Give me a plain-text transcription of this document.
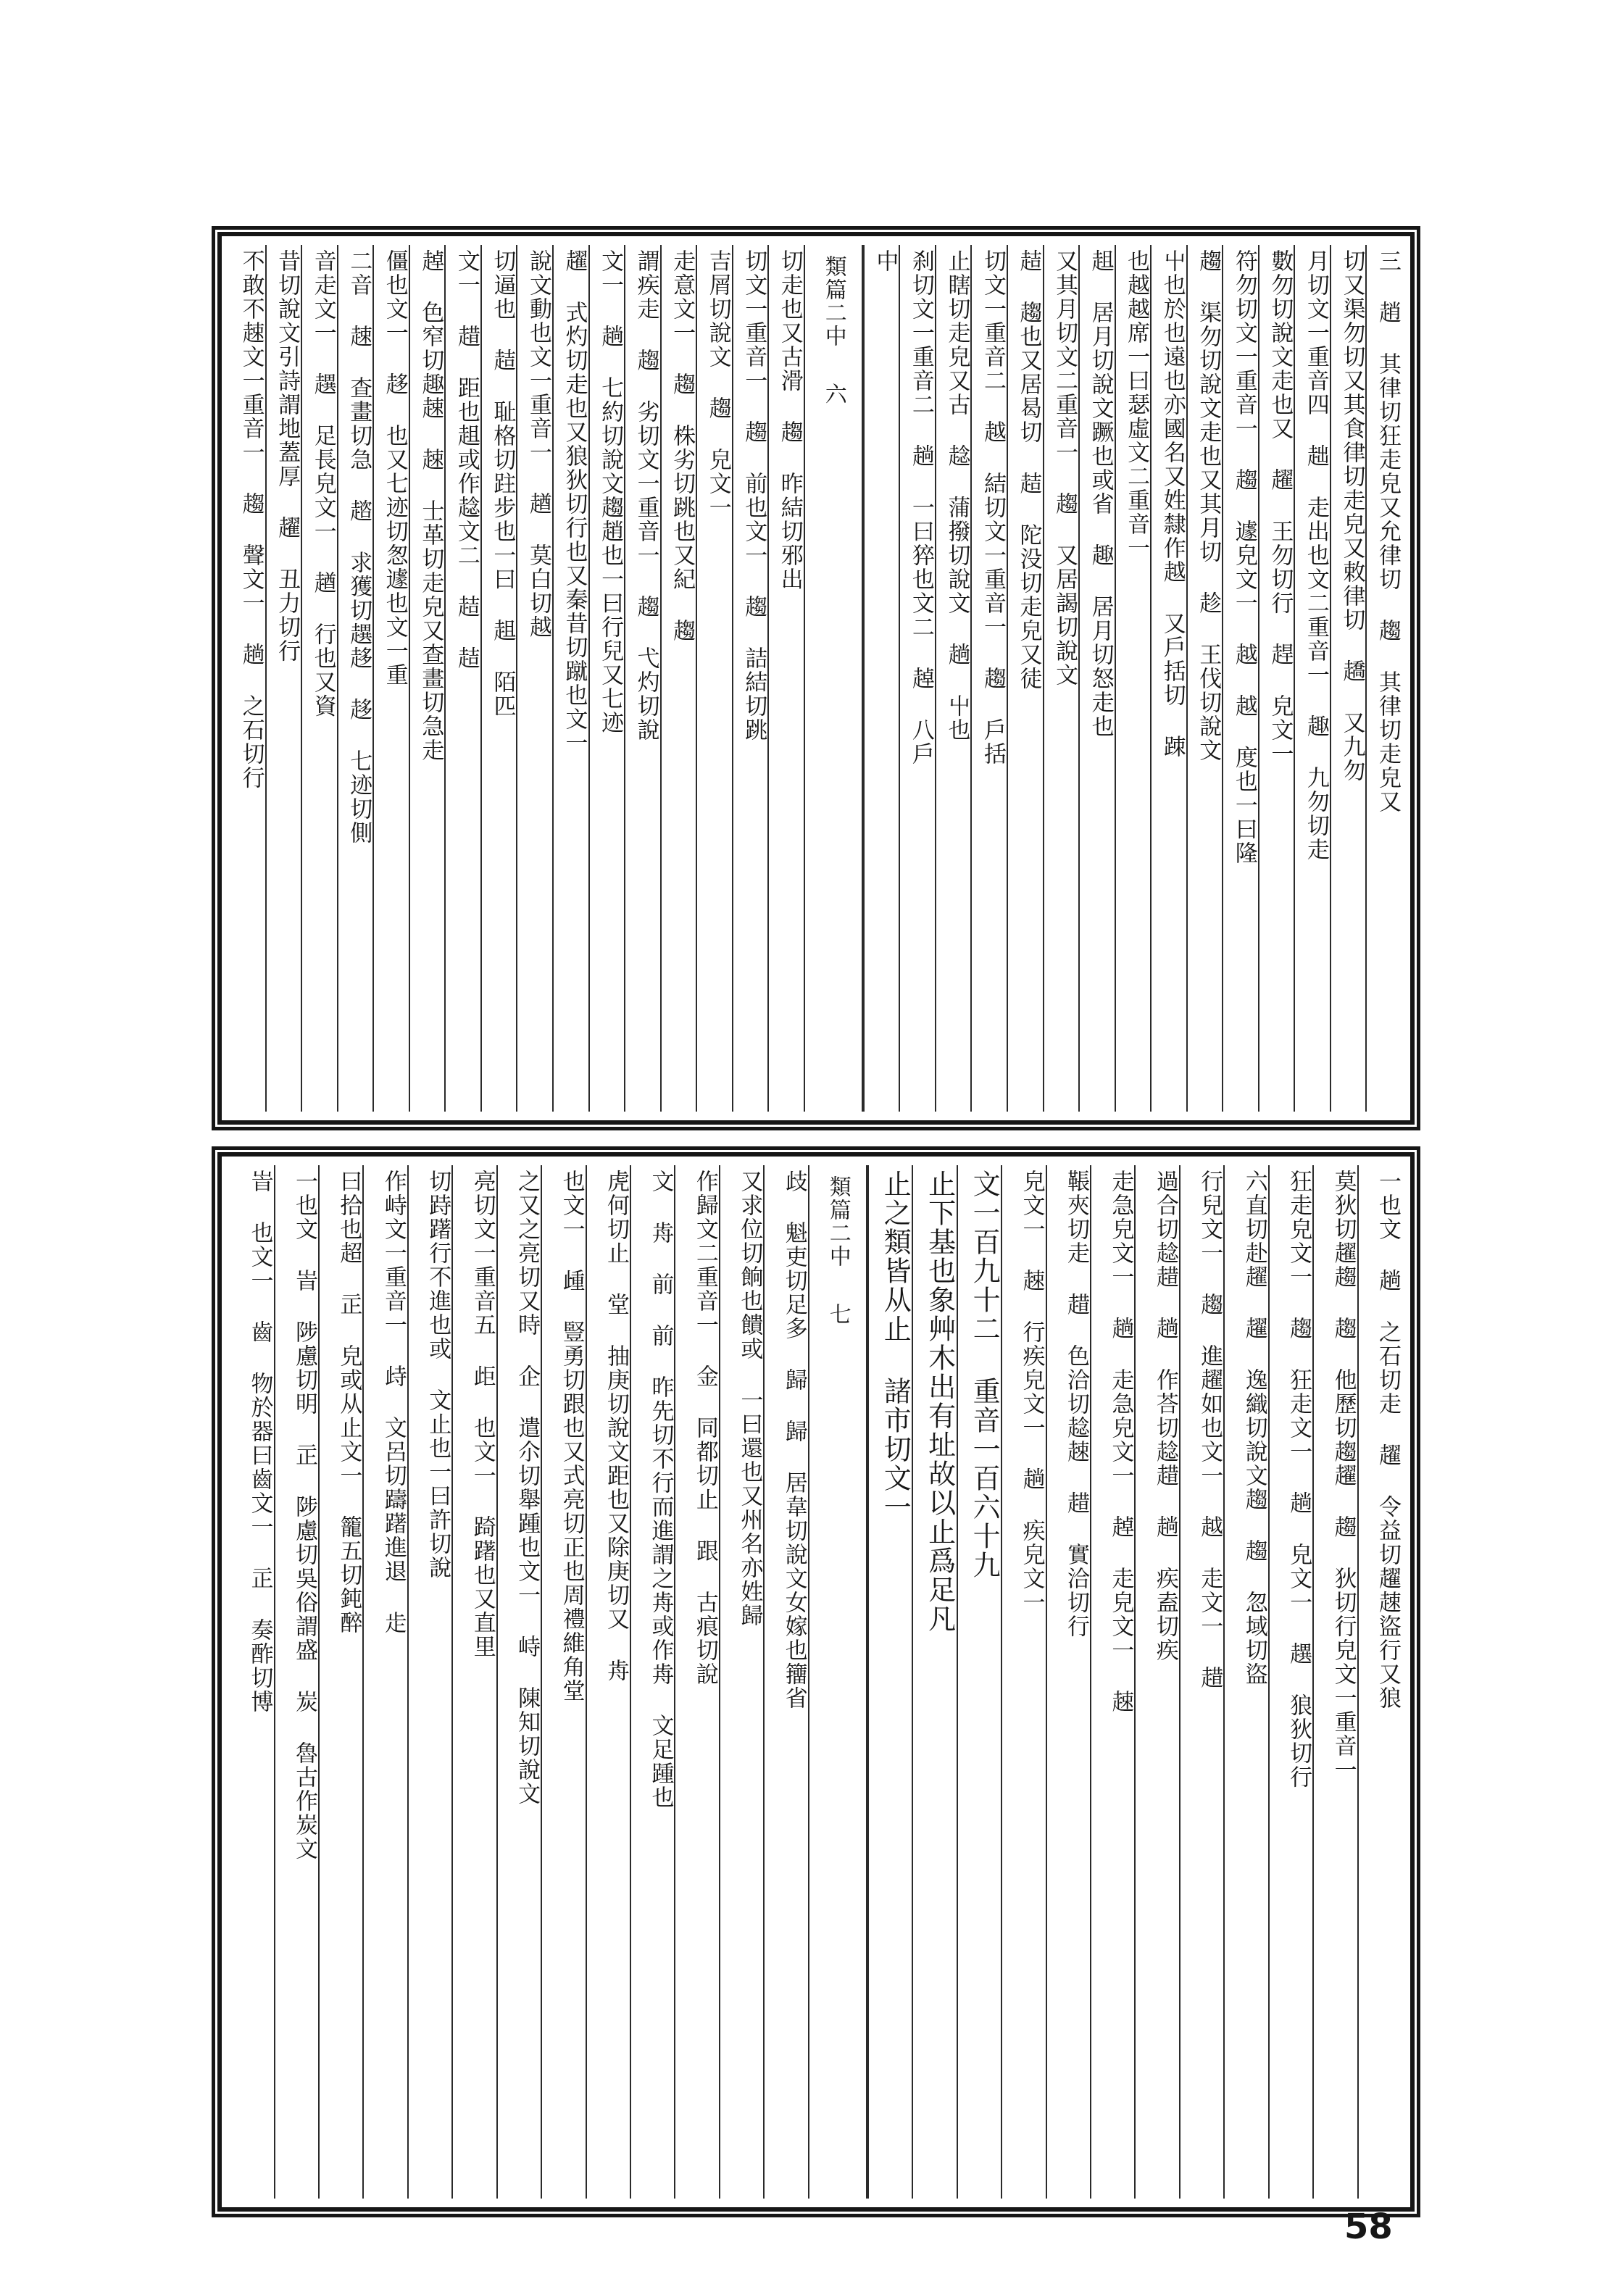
三 趙 其律切狂走皃又允律切 趨 其律切走皃又
切又渠勿切又其食律切走皃又敕律切 趫 又九勿
月切文一重音四 趉 走出也文二重音一 趣 九勿切走
數勿切說文走也又 趯 王勿切行 趕 皃文一
符勿切文一重音一 趨 遽皃文一 越 越 度也一曰隆
趨 渠勿切說文走也又其月切 趁 王伐切說文
屮也於也遠也亦國名又姓隸作越 又戶括切 䟱
也越越席一曰瑟虛文二重音一
趄 居月切說文蹶也或省 趣 居月切怒走也
又其月切文二重音一 趨 又居謁切說文
趌 趨也又居曷切 趌 陀没切走皃又徒
切文一重音二 越 結切文一重音一 趨 戶括
止瞎切走皃又古 趝 蒲撥切說文 趟 屮也
刹切文一重音二 趟 一曰猝也文二 趠 八戶
中
類篇二中
六
切走也又古滑 趨 昨結切邪出
切文一重音一 趨 前也文一 趨 詰結切跳
吉屑切說文 趨 皃文一
走意文一 趨 株劣切跳也又紀 趨
謂疾走 趨 劣切文一重音一 趨 弋灼切說
文一 趟 七約切說文趨趙也一曰行兒又七迹
趯 式灼切走也又狼狄切行也又秦昔切蹴也文一
說文動也文一重音一 趥 莫白切越
切逼也 趌 耻格切跓步也一曰 趄 陌匹
文一 趞 距也趄或作趝文二 趌 趌
趠 色窄切趣趚 趚 士革切走皃又查畫切急走
僵也文一 趍 也又七迹切怱遽也文一重
二音 趚 查畫切急 趦 求獲切趩趍 趍 七迹切側
音走文一 趩 足長皃文一 趥 行也又資
昔切說文引詩謂地蓋厚 趯 丑力切行
不敢不趚文一重音一 趨 聲文一 趟 之石切行
一也文 趟 之石切走 趯 令益切趯趚盜行又狼
莫狄切趯趨 趨 他歷切趨趯 趨 狄切行皃文一重音一
狂走皃文一 趨 狂走文一 趟 皃文一 趩 狼狄切行
六直切赴趯 趯 逸織切說文趨 趨 忽域切盜
行兒文一 趨 進趯如也文一 越 走文一 趞
過合切趝趞 趟 作荅切趝趞 趟 疾盍切疾
走急皃文一 趟 走急皃文一 趠 走皃文一 趚
䩨夾切走 趞 色洽切趝趚 趞 實洽切行
皃文一 趚 行疾皃文一 趟 疾皃文一
文一百九十二 重音一百六十九
止下基也象艸木出有址故以止爲足凡
止之類皆从止 諸市切文一
類篇二中
七
歧 魁吏切足多 歸 歸 居韋切說文女嫁也籒省
又求位切餉也饋或 一曰還也又州名亦姓歸
作歸文二重音一 金 同都切止 跟 古痕切說
文 歬 前 前 昨先切不行而進謂之歬或作歬 文足踵也
虎何切止 堂 抽庚切說文距也又除庚切又 歬
也文一 歱 豎勇切跟也又式亮切正也周禮維角堂
之又之亮切又時 企 遣尒切舉踵也文一 峙 陳知切說文
亮切文一重音五 歫 也文一 踦躇也又直里
切跱躇行不進也或 文止也一曰許切說
作峙文一重音一 歭 文呂切躊躇進退 歨
曰拾也超 㱏 皃或从止文一 籠五切鈍醉
一也文 峕 陟慮切明 㱏 陟慮切吳俗謂盛 炭 魯古作炭文
峕 也文一 齒 物於器曰齒文一 㱏 奏酢切博
58
